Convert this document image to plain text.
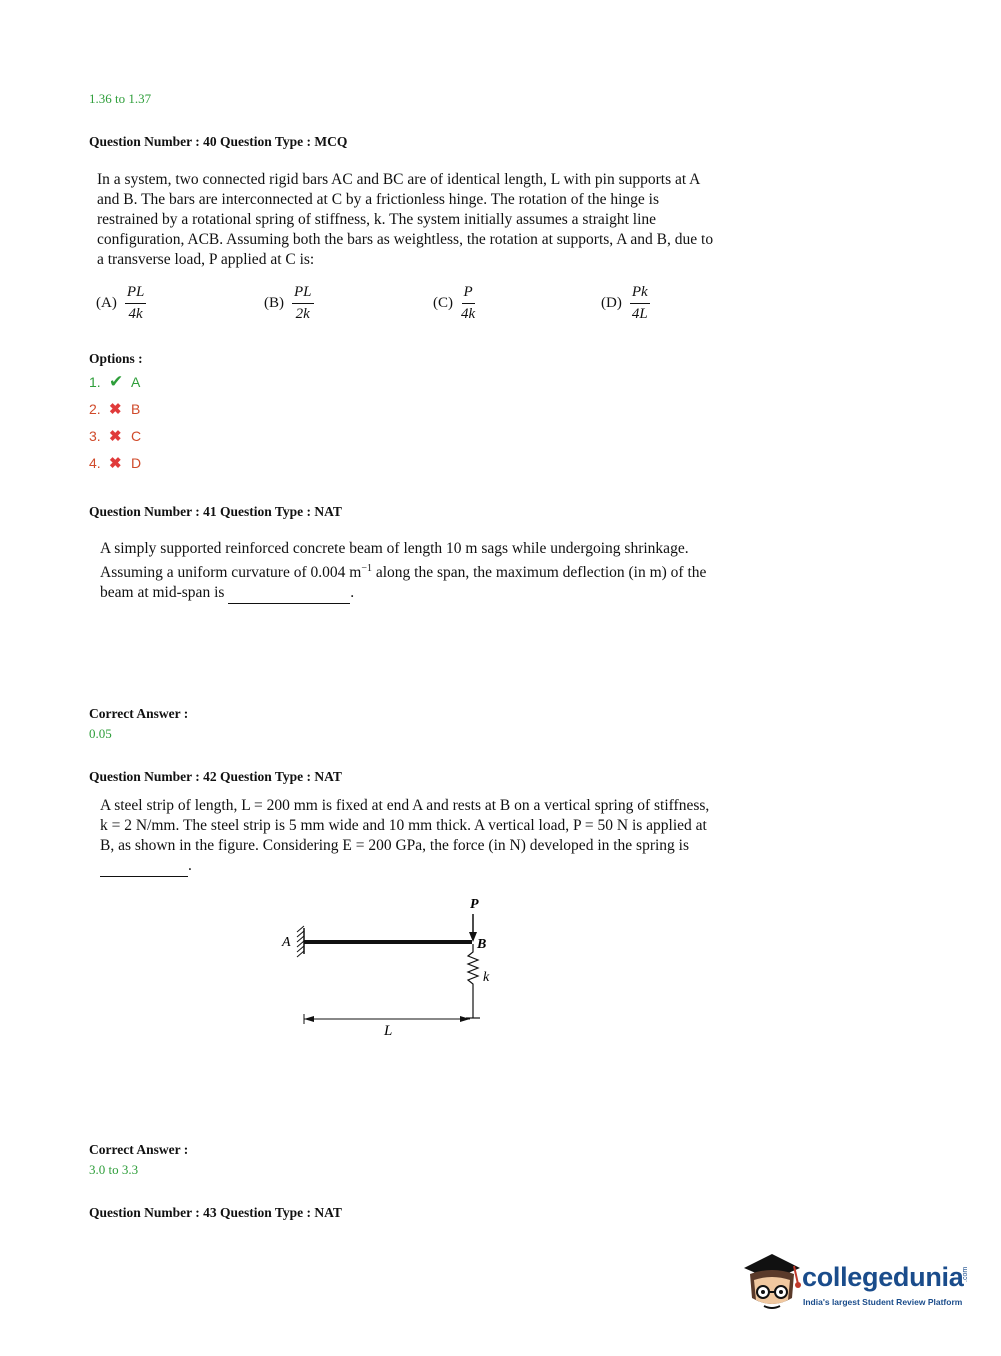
1.36 to 1.37
Question Number : 40 Question Type : MCQ
In a system, two connected rigid bars AC and BC are of identical length, L with pin supports at A
and B. The bars are interconnected at C by a frictionless hinge. The rotation of the hinge is
restrained by a rotational spring of stiffness, k. The system initially assumes a straight line
configuration, ACB. Assuming both the bars as weightless, the rotation at supports, A and B, due to
a transverse load, P applied at C is:
$(A) \frac{PL}{4k}$	$(B) \frac{PL}{2k}$	$(C) \frac{P}{4k}$	$(D) \frac{Pk}{4L}$
Options :
1. ✔ A
2. ✖ B
3. ✖ C
4. ✖ D
Question Number : 41 Question Type : NAT
A simply supported reinforced concrete beam of length 10 m sags while undergoing shrinkage.
Assuming a uniform curvature of 0.004 $m^{-1}$ along the span, the maximum deflection (in m) of the
beam at mid-span is	.
Correct Answer :
0.05
Question Number : 42 Question Type : NAT
A steel strip of length, L = 200 mm is fixed at end A and rests at B on a vertical spring of stiffness,
k = 2 N/mm. The steel strip is 5 mm wide and 10 mm thick. A vertical load, P = 50 N is applied at
B, as shown in the figure. Considering E = 200 GPa, the force (in N) developed in the spring is
.
A
P
B
k
L
Correct Answer :
3.0 to 3.3
Question Number : 43 Question Type : NAT
collegedunia
.com
India's largest Student Review Platform
